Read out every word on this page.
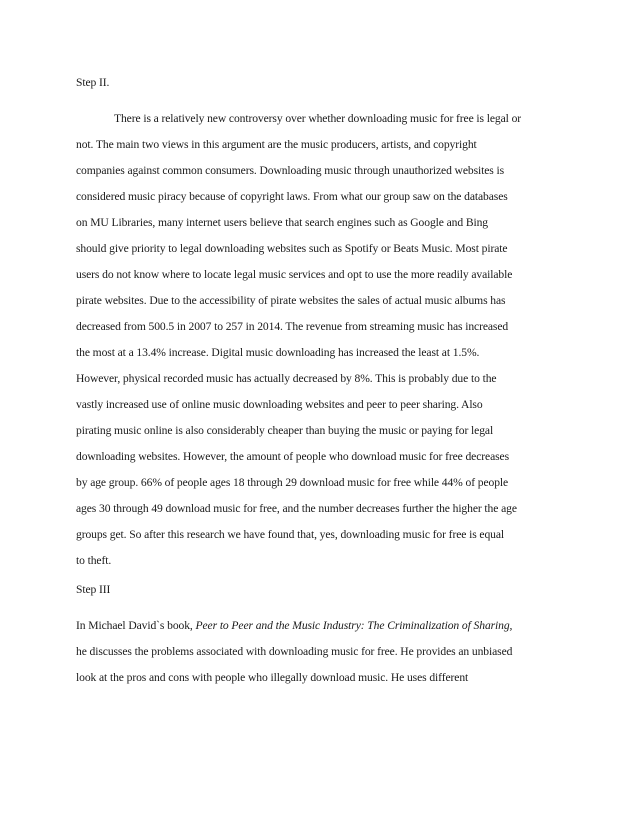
Step II.
There is a relatively new controversy over whether downloading music for free is legal or
not. The main two views in this argument are the music producers, artists, and copyright
companies against common consumers. Downloading music through unauthorized websites is
considered music piracy because of copyright laws. From what our group saw on the databases
on MU Libraries, many internet users believe that search engines such as Google and Bing
should give priority to legal downloading websites such as Spotify or Beats Music. Most pirate
users do not know where to locate legal music services and opt to use the more readily available
pirate websites. Due to the accessibility of pirate websites the sales of actual music albums has
decreased from 500.5 in 2007 to 257 in 2014. The revenue from streaming music has increased
the most at a 13.4% increase. Digital music downloading has increased the least at 1.5%.
However, physical recorded music has actually decreased by 8%. This is probably due to the
vastly increased use of online music downloading websites and peer to peer sharing. Also
pirating music online is also considerably cheaper than buying the music or paying for legal
downloading websites. However, the amount of people who download music for free decreases
by age group. 66% of people ages 18 through 29 download music for free while 44% of people
ages 30 through 49 download music for free, and the number decreases further the higher the age
groups get. So after this research we have found that, yes, downloading music for free is equal
to theft.
Step III
In Michael David`s book, Peer to Peer and the Music Industry: The Criminalization of Sharing,
he discusses the problems associated with downloading music for free. He provides an unbiased
look at the pros and cons with people who illegally download music. He uses different
